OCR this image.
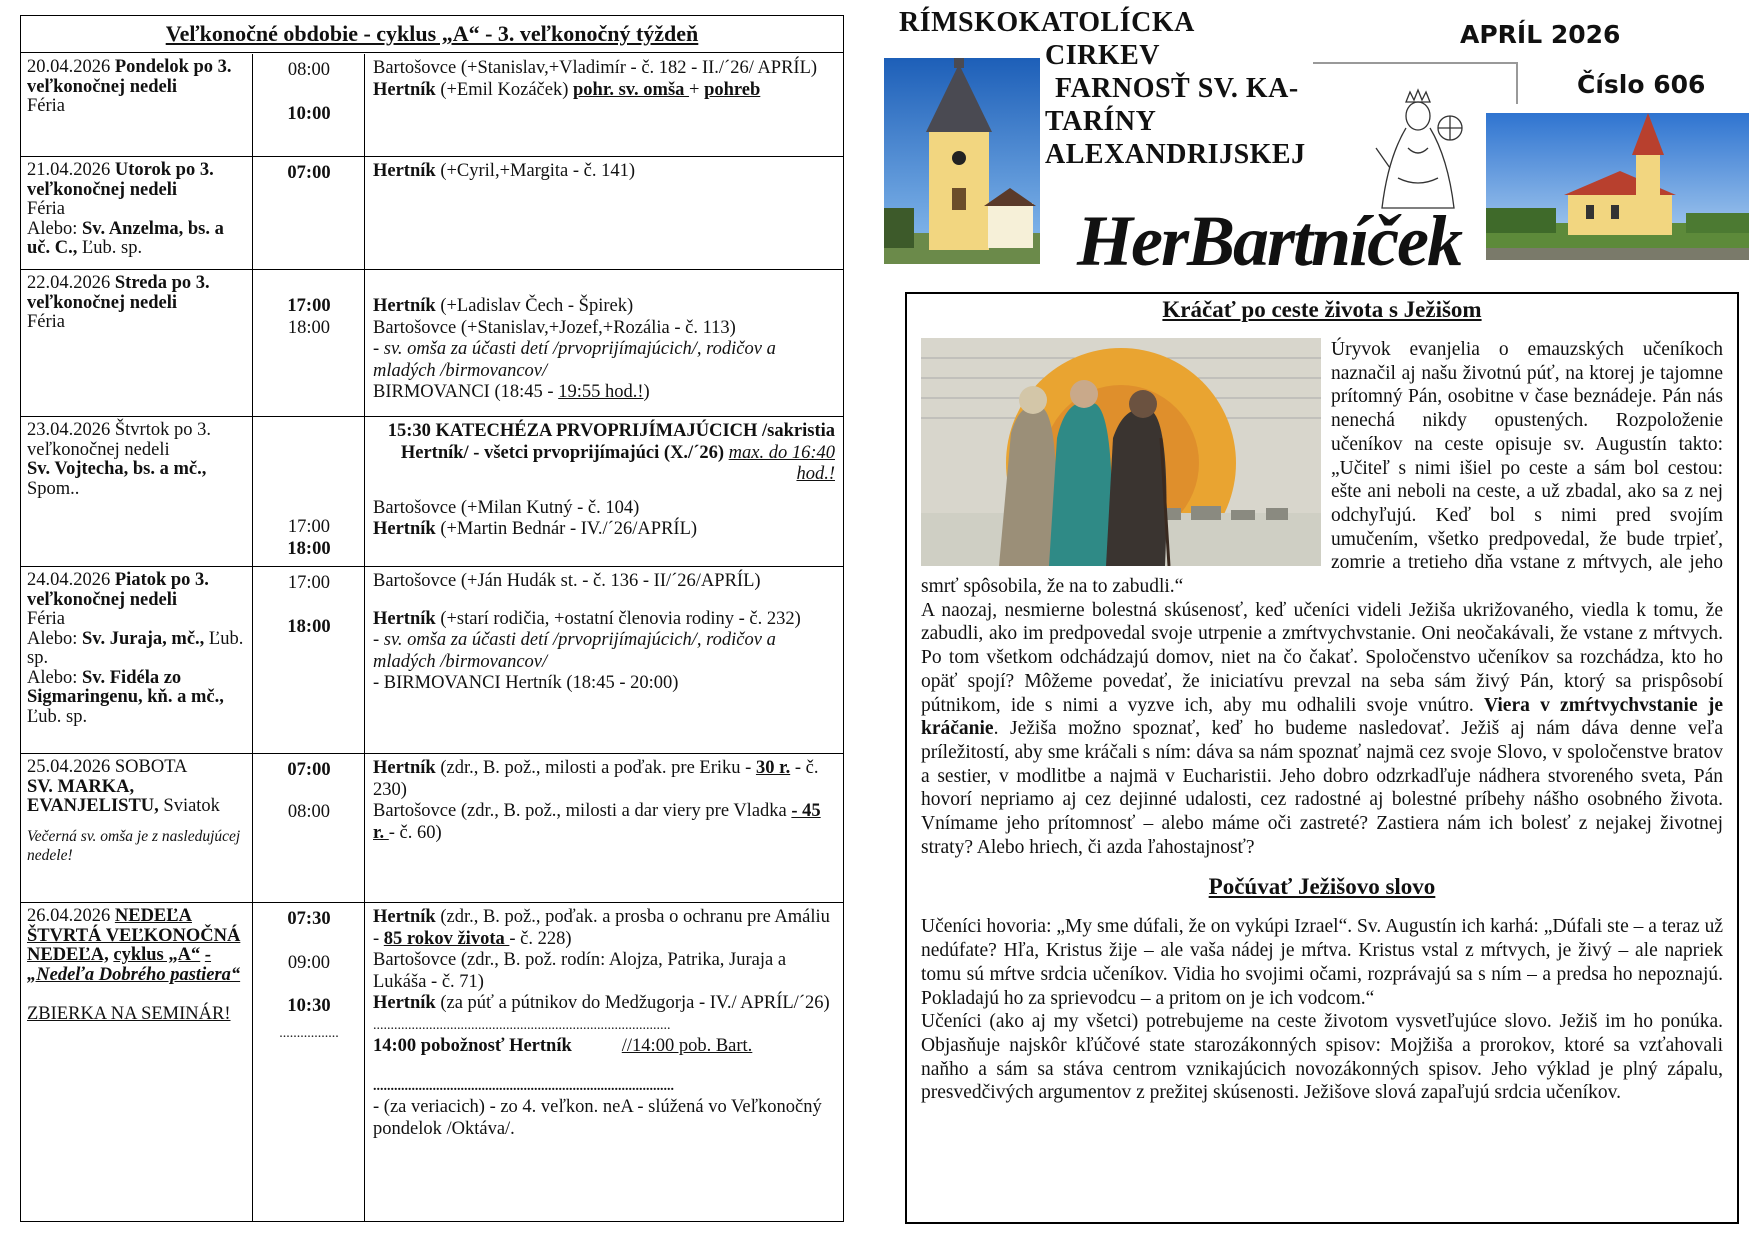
Veľkonočné obdobie - cyklus „A“ - 3. veľkonočný týždeň
20.04.2026 Pondelok po 3. veľkonočnej nedeli
Féria
08:00
10:00
Bartošovce (+Stanislav,+Vladimír - č. 182 - II./´26/ APRÍL)
Hertník (+Emil Kozáček) pohr. sv. omša + pohreb
21.04.2026 Utorok po 3. veľkonočnej nedeli
Féria
Alebo: Sv. Anzelma, bs. a uč. C., Ľub. sp.
07:00	Hertník (+Cyril,+Margita - č. 141)
22.04.2026 Streda po 3. veľkonočnej nedeli
Féria
17:00
18:00
Hertník (+Ladislav Čech - Špirek)
Bartošovce (+Stanislav,+Jozef,+Rozália - č. 113)
- sv. omša za účasti detí /prvoprijímajúcich/, rodičov a mladých /birmovancov/
BIRMOVANCI (18:45 - 19:55 hod.!)
23.04.2026 Štvrtok po 3. veľkonočnej nedeli
Sv. Vojtecha, bs. a mč.,
Spom..
17:00
18:00
15:30 KATECHÉZA PRVOPRIJÍMAJÚCICH /sakristia Hertník/ - všetci prvoprijímajúci (X./´26) max. do 16:40 hod.!
Bartošovce (+Milan Kutný - č. 104)
Hertník (+Martin Bednár - IV./´26/APRÍL)
24.04.2026 Piatok po 3. veľkonočnej nedeli
Féria
Alebo: Sv. Juraja, mč., Ľub. sp.
Alebo: Sv. Fidéla zo Sigmaringenu, kň. a mč., Ľub. sp.
17:00
18:00
Bartošovce (+Ján Hudák st. - č. 136 - II/´26/APRÍL)
Hertník (+starí rodičia, +ostatní členovia rodiny - č. 232)
- sv. omša za účasti detí /prvoprijímajúcich/, rodičov a mladých /birmovancov/
- BIRMOVANCI Hertník (18:45 - 20:00)
25.04.2026 SOBOTA
SV. MARKA, EVANJELISTU, Sviatok

Večerná sv. omša je z nasledujúcej nedele!
07:00
08:00
Hertník (zdr., B. pož., milosti a poďak. pre Eriku - 30 r. - č. 230)
Bartošovce (zdr., B. pož., milosti a dar viery pre Vladka - 45 r. - č. 60)
26.04.2026 NEDEĽA ŠTVRTÁ VEĽKONOČNÁ NEDEĽA, cyklus „A“ - „Nedeľa Dobrého pastiera“

ZBIERKA NA SEMINÁR!
07:30
09:00
10:30
.................
Hertník (zdr., B. pož., poďak. a prosba o ochranu pre Amáliu - 85 rokov života - č. 228)
Bartošovce (zdr., B. pož. rodín: Alojza, Patrika, Juraja a Lukáša - č. 71)
Hertník (za púť a pútnikov do Medžugorja - IV./ APRÍL/´26)
.....................................................................................
14:00 pobožnosť Hertník	//14:00 pob. Bart.
......................................................................................
- (za veriacich) - zo 4. veľkon. neA - slúžená vo Veľkonočný pondelok /Oktáva/.
RÍMSKOKATOLÍCKA
CIRKEV
FARNOSŤ SV. KA-
TARÍNY
ALEXANDRIJSKEJ
APRÍL 2026
Číslo 606
HerBartníček
Kráčať po ceste života s Ježišom
Úryvok evanjelia o emauzských učeníkoch naznačil aj našu životnú púť, na ktorej je tajomne prítomný Pán, osobitne v čase beznádeje. Pán nás nenechá nikdy opustených. Rozpoloženie učeníkov na ceste opisuje sv. Augustín takto: „Učiteľ s nimi išiel po ceste a sám bol cestou: ešte ani neboli na ceste, a už zbadal, ako sa z nej odchyľujú. Keď bol s nimi pred svojím umučením, všetko predpovedal, že bude trpieť, zomrie a tretieho dňa vstane z mŕtvych, ale jeho smrť spôsobila, že na to zabudli.“
A naozaj, nesmierne bolestná skúsenosť, keď učeníci videli Ježiša ukrižovaného, viedla k tomu, že zabudli, ako im predpovedal svoje utrpenie a zmŕtvychvstanie. Oni neočakávali, že vstane z mŕtvych. Po tom všetkom odchádzajú domov, niet na čo čakať. Spoločenstvo učeníkov sa rozchádza, kto ho opäť spojí? Môžeme povedať, že iniciatívu prevzal na seba sám živý Pán, ktorý sa prispôsobí pútnikom, ide s nimi a vyzve ich, aby mu odhalili svoje vnútro. Viera v zmŕtvychvstanie je kráčanie. Ježiša možno spoznať, keď ho budeme nasledovať. Ježiš aj nám dáva denne veľa príležitostí, aby sme kráčali s ním: dáva sa nám spoznať najmä cez svoje Slovo, v spoločenstve bratov a sestier, v modlitbe a najmä v Eucharistii. Jeho dobro odzrkadľuje nádhera stvoreného sveta, Pán hovorí nepriamo aj cez dejinné udalosti, cez radostné aj bolestné príbehy nášho osobného života. Vnímame jeho prítomnosť – alebo máme oči zastreté? Zastiera nám ich bolesť z nejakej životnej straty? Alebo hriech, či azda ľahostajnosť?
Počúvať Ježišovo slovo
Učeníci hovoria: „My sme dúfali, že on vykúpi Izrael“. Sv. Augustín ich karhá: „Dúfali ste – a teraz už nedúfate? Hľa, Kristus žije – ale vaša nádej je mŕtva. Kristus vstal z mŕtvych, je živý – ale napriek tomu sú mŕtve srdcia učeníkov. Vidia ho svojimi očami, rozprávajú sa s ním – a predsa ho nepoznajú. Pokladajú ho za sprievodcu – a pritom on je ich vodcom.“
Učeníci (ako aj my všetci) potrebujeme na ceste životom vysvetľujúce slovo. Ježiš im ho ponúka. Objasňuje najskôr kľúčové state starozákonných spisov: Mojžiša a prorokov, ktoré sa vzťahovali naňho a sám sa stáva centrom vznikajúcich novozákonných spisov. Jeho výklad je plný zápalu, presvedčivých argumentov z prežitej skúsenosti. Ježišove slová zapaľujú srdcia učeníkov.
